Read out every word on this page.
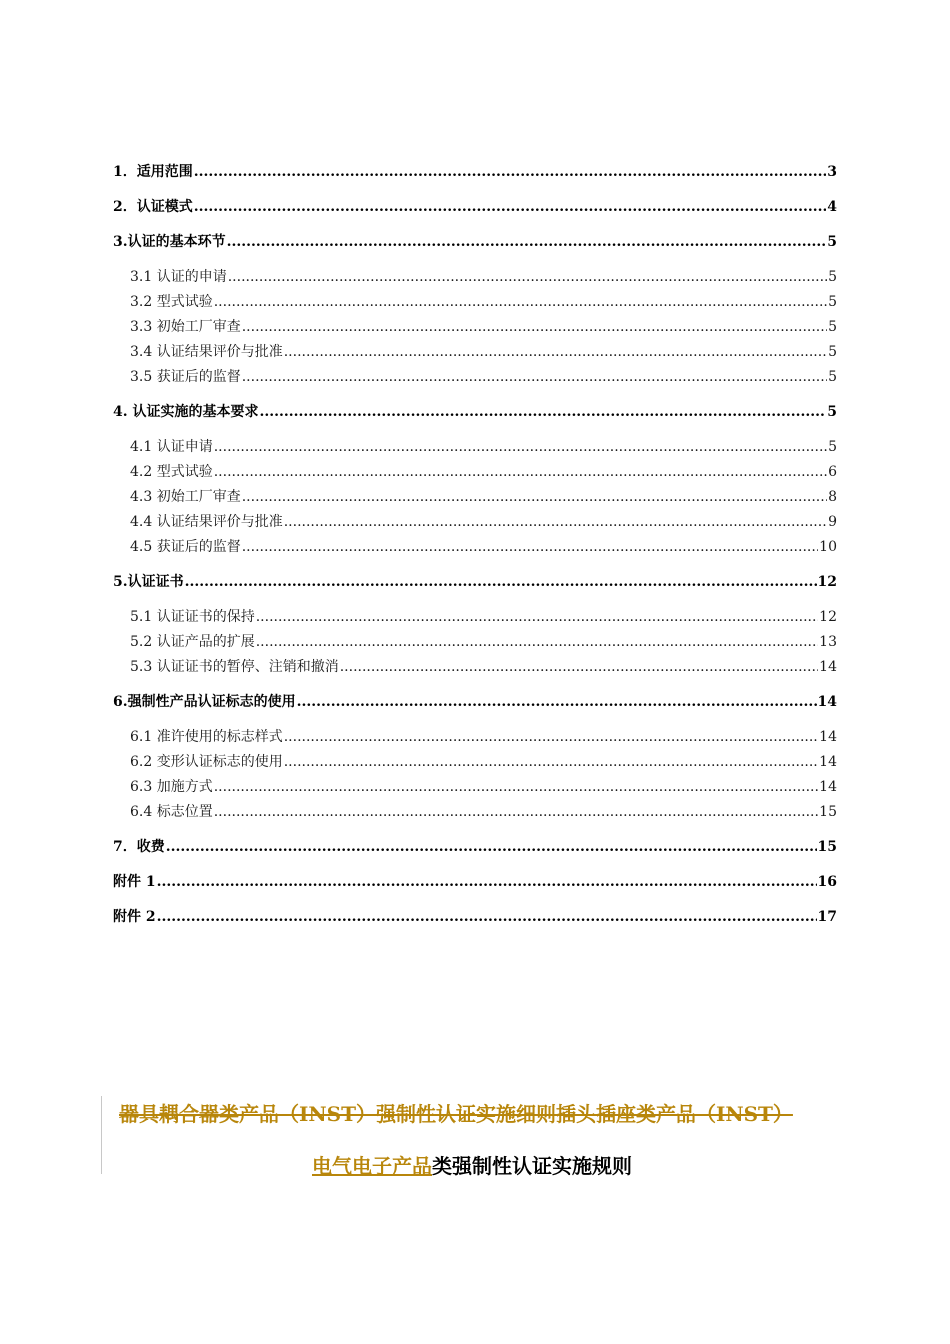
1．适用范围 .....	3
2．认证模式 .....	4
3.认证的基本环节 .....	5
3.1 认证的申请 .....	5
3.2 型式试验 .....	5
3.3 初始工厂审查 .....	5
3.4 认证结果评价与批准 .....	5
3.5 获证后的监督 .....	5
4. 认证实施的基本要求 .....	5
4.1 认证申请 .....	5
4.2 型式试验 .....	6
4.3 初始工厂审查 .....	8
4.4 认证结果评价与批准 .....	9
4.5 获证后的监督 .....	10
5.认证证书 .....	12
5.1 认证证书的保持 .....	12
5.2 认证产品的扩展 .....	13
5.3 认证证书的暂停、注销和撤消 .....	14
6.强制性产品认证标志的使用 .....	14
6.1 准许使用的标志样式 .....	14
6.2 变形认证标志的使用 .....	14
6.3 加施方式 .....	14
6.4 标志位置 .....	15
7．收费 .....	15
附件 1 .....	16
附件 2 .....	17
器具耦合器类产品（INST）强制性认证实施细则插头插座类产品（INST）
电气电子产品类强制性认证实施规则
